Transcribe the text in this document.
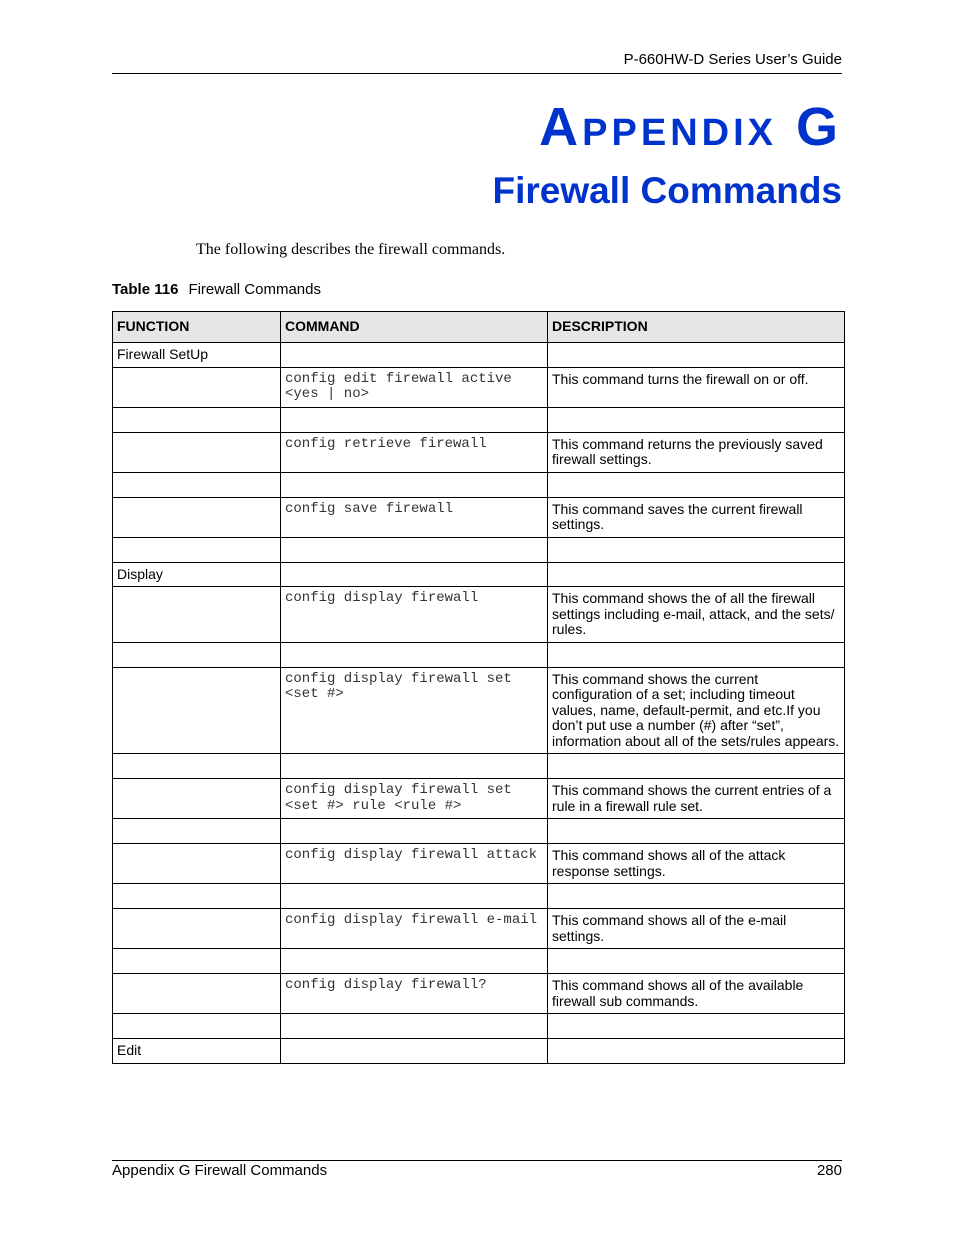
P-660HW-D Series User’s Guide
Appendix G
Firewall Commands
The following describes the firewall commands.
Table 116 Firewall Commands
FUNCTION	COMMAND	DESCRIPTION
Firewall SetUp		
	config edit firewall active <yes | no>	This command turns the firewall on or off.

	config retrieve firewall	This command returns the previously saved firewall settings.

	config save firewall	This command saves the current firewall settings.

Display		
	config display firewall	This command shows the of all the firewall settings including e-mail, attack, and the sets/ rules.

	config display firewall set <set #>	This command shows the current configuration of a set; including timeout values, name, default-permit, and etc.If you don’t put use a number (#) after “set”, information about all of the sets/rules appears.

	config display firewall set <set #> rule <rule #>	This command shows the current entries of a rule in a firewall rule set.

	config display firewall attack	This command shows all of the attack response settings.

	config display firewall e-mail	This command shows all of the e-mail settings.

	config display firewall?	This command shows all of the available firewall sub commands.

Edit		
Appendix G Firewall Commands	280
